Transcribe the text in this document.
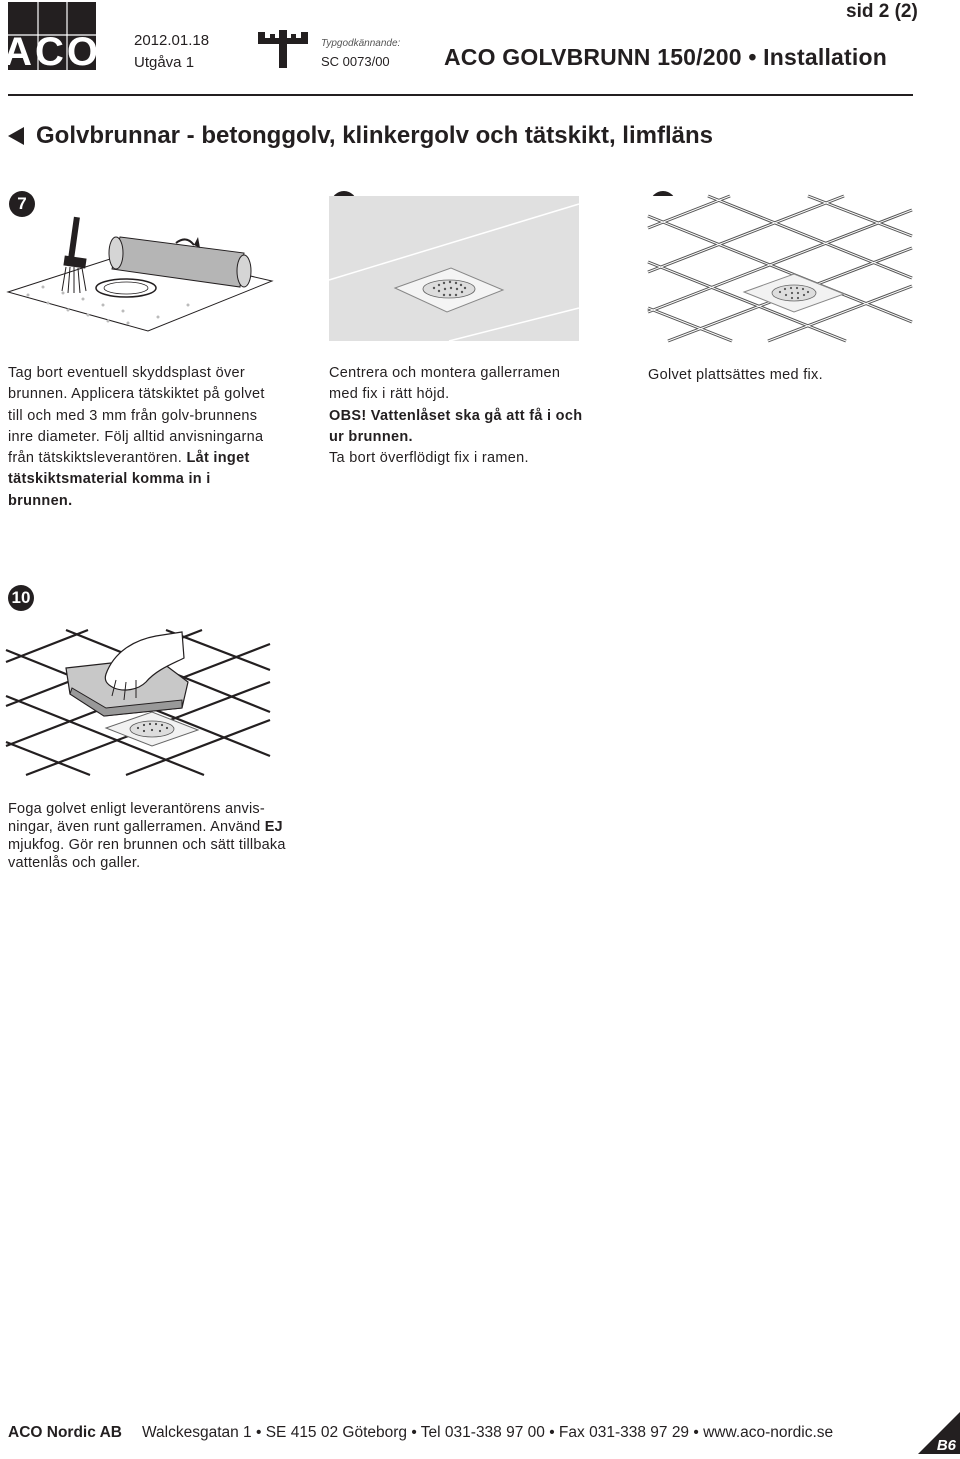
ACO 2012.01.18
Utgåva 1
Typgodkännande:
SC 0073/00
sid 2 (2)
ACO GOLVBRUNN 150/200 • Installation
Golvbrunnar - betonggolv, klinkergolv och tätskikt, limfläns
7
Tag bort eventuell skyddsplast över brunnen. Applicera tätskiktet på golvet till och med 3 mm från golv-brunnens inre diameter. Följ alltid anvisningarna från tätskiktsleverantören. Låt inget tätskiktsmaterial komma in i brunnen.
Centrera och montera gallerramen med fix i rätt höjd.
OBS! Vattenlåset ska gå att få i och ur brunnen.
Ta bort överflödigt fix i ramen.
Golvet plattsättes med fix.
10
Foga golvet enligt leverantörens anvis-ningar, även runt gallerramen. Använd EJ mjukfog. Gör ren brunnen och sätt tillbaka vattenlås och galler.
ACO Nordic AB Walckesgatan 1 • SE 415 02 Göteborg • Tel 031-338 97 00 • Fax 031-338 97 29 • www.aco-nordic.se
B6
